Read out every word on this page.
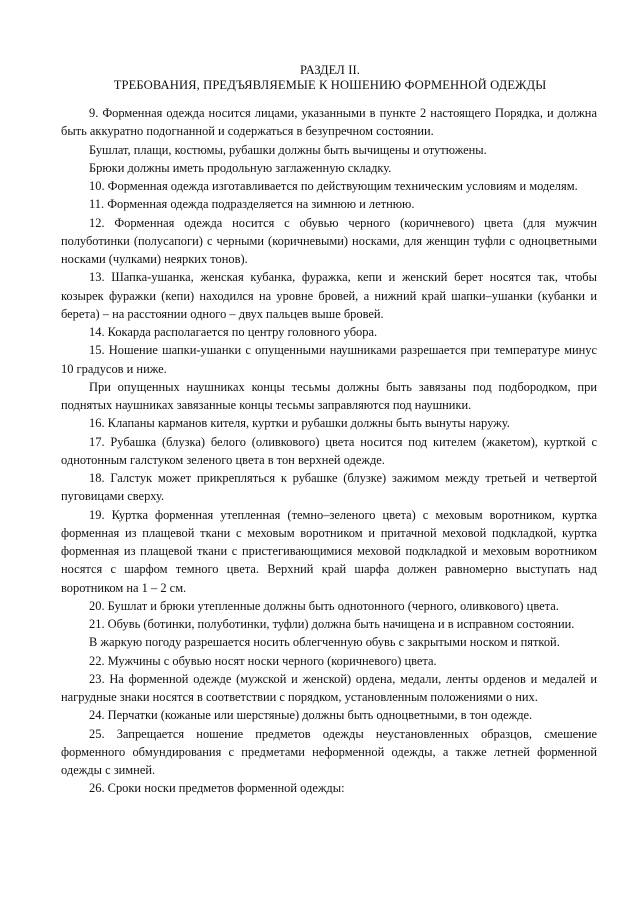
РАЗДЕЛ II.
ТРЕБОВАНИЯ, ПРЕДЪЯВЛЯЕМЫЕ К НОШЕНИЮ ФОРМЕННОЙ ОДЕЖДЫ

9. Форменная одежда носится лицами, указанными в пункте 2 настоящего Порядка, и должна быть аккуратно подогнанной и содержаться в безупречном состоянии.

Бушлат, плащи, костюмы, рубашки должны быть вычищены и отутюжены.

Брюки должны иметь продольную заглаженную складку.

10. Форменная одежда изготавливается по действующим техническим условиям и моделям.

11. Форменная одежда подразделяется на зимнюю и летнюю.

12. Форменная одежда носится с обувью черного (коричневого) цвета (для мужчин полуботинки (полусапоги) с черными (коричневыми) носками, для женщин туфли с одноцветными носками (чулками) неярких тонов).

13. Шапка-ушанка, женская кубанка, фуражка, кепи и женский берет носятся так, чтобы козырек фуражки (кепи) находился на уровне бровей, а нижний край шапки–ушанки (кубанки и берета) – на расстоянии одного – двух пальцев выше бровей.

14. Кокарда располагается по центру головного убора.

15. Ношение шапки-ушанки с опущенными наушниками разрешается при температуре минус 10 градусов и ниже.

При опущенных наушниках концы тесьмы должны быть завязаны под подбородком, при поднятых наушниках завязанные концы тесьмы заправляются под наушники.

16. Клапаны карманов кителя, куртки и рубашки должны быть вынуты наружу.

17. Рубашка (блузка) белого (оливкового) цвета носится под кителем (жакетом), курткой с однотонным галстуком зеленого цвета в тон верхней одежде.

18. Галстук может прикрепляться к рубашке (блузке) зажимом между третьей и четвертой пуговицами сверху.

19. Куртка форменная утепленная (темно–зеленого цвета) с меховым воротником, куртка форменная из плащевой ткани с меховым воротником и притачной меховой подкладкой, куртка форменная из плащевой ткани с пристегивающимися меховой подкладкой и меховым воротником носятся с шарфом темного цвета. Верхний край шарфа должен равномерно выступать над воротником на 1 – 2 см.

20. Бушлат и брюки утепленные должны быть однотонного (черного, оливкового) цвета.

21. Обувь (ботинки, полуботинки, туфли) должна быть начищена и в исправном состоянии.

В жаркую погоду разрешается носить облегченную обувь с закрытыми носком и пяткой.

22. Мужчины с обувью носят носки черного (коричневого) цвета.

23. На форменной одежде (мужской и женской) ордена, медали, ленты орденов и медалей и нагрудные знаки носятся в соответствии с порядком, установленным положениями о них.

24. Перчатки (кожаные или шерстяные) должны быть одноцветными, в тон одежде.

25. Запрещается ношение предметов одежды неустановленных образцов, смешение форменного обмундирования с предметами неформенной одежды, а также летней форменной одежды с зимней.

26. Сроки носки предметов форменной одежды:
